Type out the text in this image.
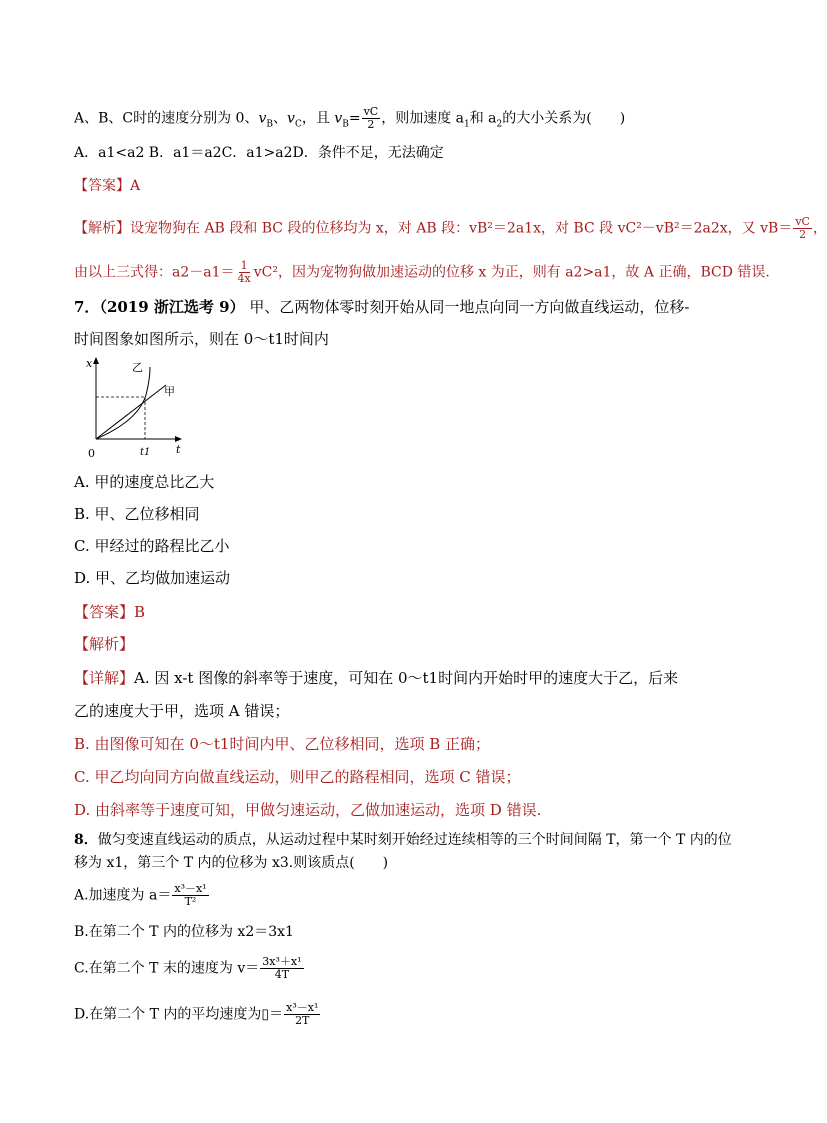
A、B、C时的速度分别为 0、$v_B$、$v_C$，且 $v_B= \frac{vC}{2}$ ，则加速度 $a_1$和 $a_2$的大小关系为(　　)
A．a1<a2 B．a1＝a2C．a1>a2D．条件不足，无法确定
【答案】A
【解析】设宠物狗在 AB 段和 BC 段的位移均为 x，对 AB 段：vB²＝2a1x，对 BC 段 vC²－vB²＝2a2x，又 $vB= \frac{vC}{2}$ ，
由以上三式得：$a2-a1= \frac{1}{4x} vC^2$，因为宠物狗做加速运动的位移 x 为正，则有 a2>a1，故 A 正确，BCD 错误.
7．（2019 浙江选考 9） 甲、乙两物体零时刻开始从同一地点向同一方向做直线运动，位移-
时间图象如图所示，则在 0～t1时间内
x
t
0	t1
乙
甲
A. 甲的速度总比乙大
B. 甲、乙位移相同
C. 甲经过的路程比乙小
D. 甲、乙均做加速运动
【答案】B
【解析】
【详解】A. 因 x-t 图像的斜率等于速度，可知在 0～t1时间内开始时甲的速度大于乙，后来
乙的速度大于甲，选项 A 错误；
B. 由图像可知在 0～t1时间内甲、乙位移相同，选项 B 正确；
C. 甲乙均向同方向做直线运动，则甲乙的路程相同，选项 C 错误；
D. 由斜率等于速度可知，甲做匀速运动，乙做加速运动，选项 D 错误.
8．做匀变速直线运动的质点，从运动过程中某时刻开始经过连续相等的三个时间间隔 T，第一个 T 内的位
移为 x1，第三个 T 内的位移为 x3.则该质点(　　)
A.加速度为 $a= \frac{\text{x³－x¹}}{\text{T²}}$
B.在第二个 T 内的位移为 x2＝3x1
C.在第二个 T 末的速度为 $v= \frac{\text{3x³＋x¹}}{4T}$
D.在第二个 T 内的平均速度为▯＝ $\frac{\text{x³－x¹}}{2T}$
